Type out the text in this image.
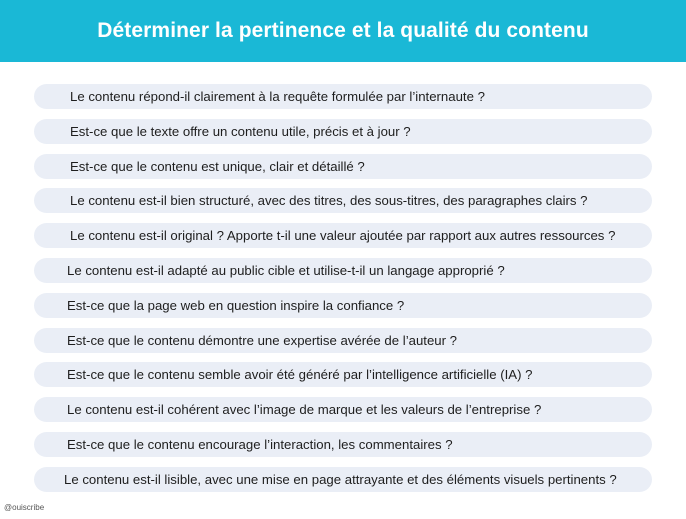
Déterminer la pertinence et la qualité du contenu
Le contenu répond-il clairement à la requête formulée par l’internaute ?
Est-ce que le texte offre un contenu utile, précis et à jour ?
Est-ce que le contenu est unique, clair et détaillé ?
Le contenu est-il bien structuré, avec des titres, des sous-titres, des paragraphes clairs ?
Le contenu est-il original ? Apporte t-il une valeur ajoutée par rapport aux autres ressources ?
Le contenu est-il adapté au public cible et utilise-t-il un langage approprié ?
Est-ce que la page web en question inspire la confiance ?
Est-ce que le contenu démontre une expertise avérée de l’auteur ?
Est-ce que le contenu semble avoir été généré par l’intelligence artificielle (IA) ?
Le contenu est-il cohérent avec l’image de marque et les valeurs de l’entreprise ?
Est-ce que le contenu encourage l’interaction, les commentaires ?
Le contenu est-il lisible, avec une mise en page attrayante et des éléments visuels pertinents ?
@ouiscribe
